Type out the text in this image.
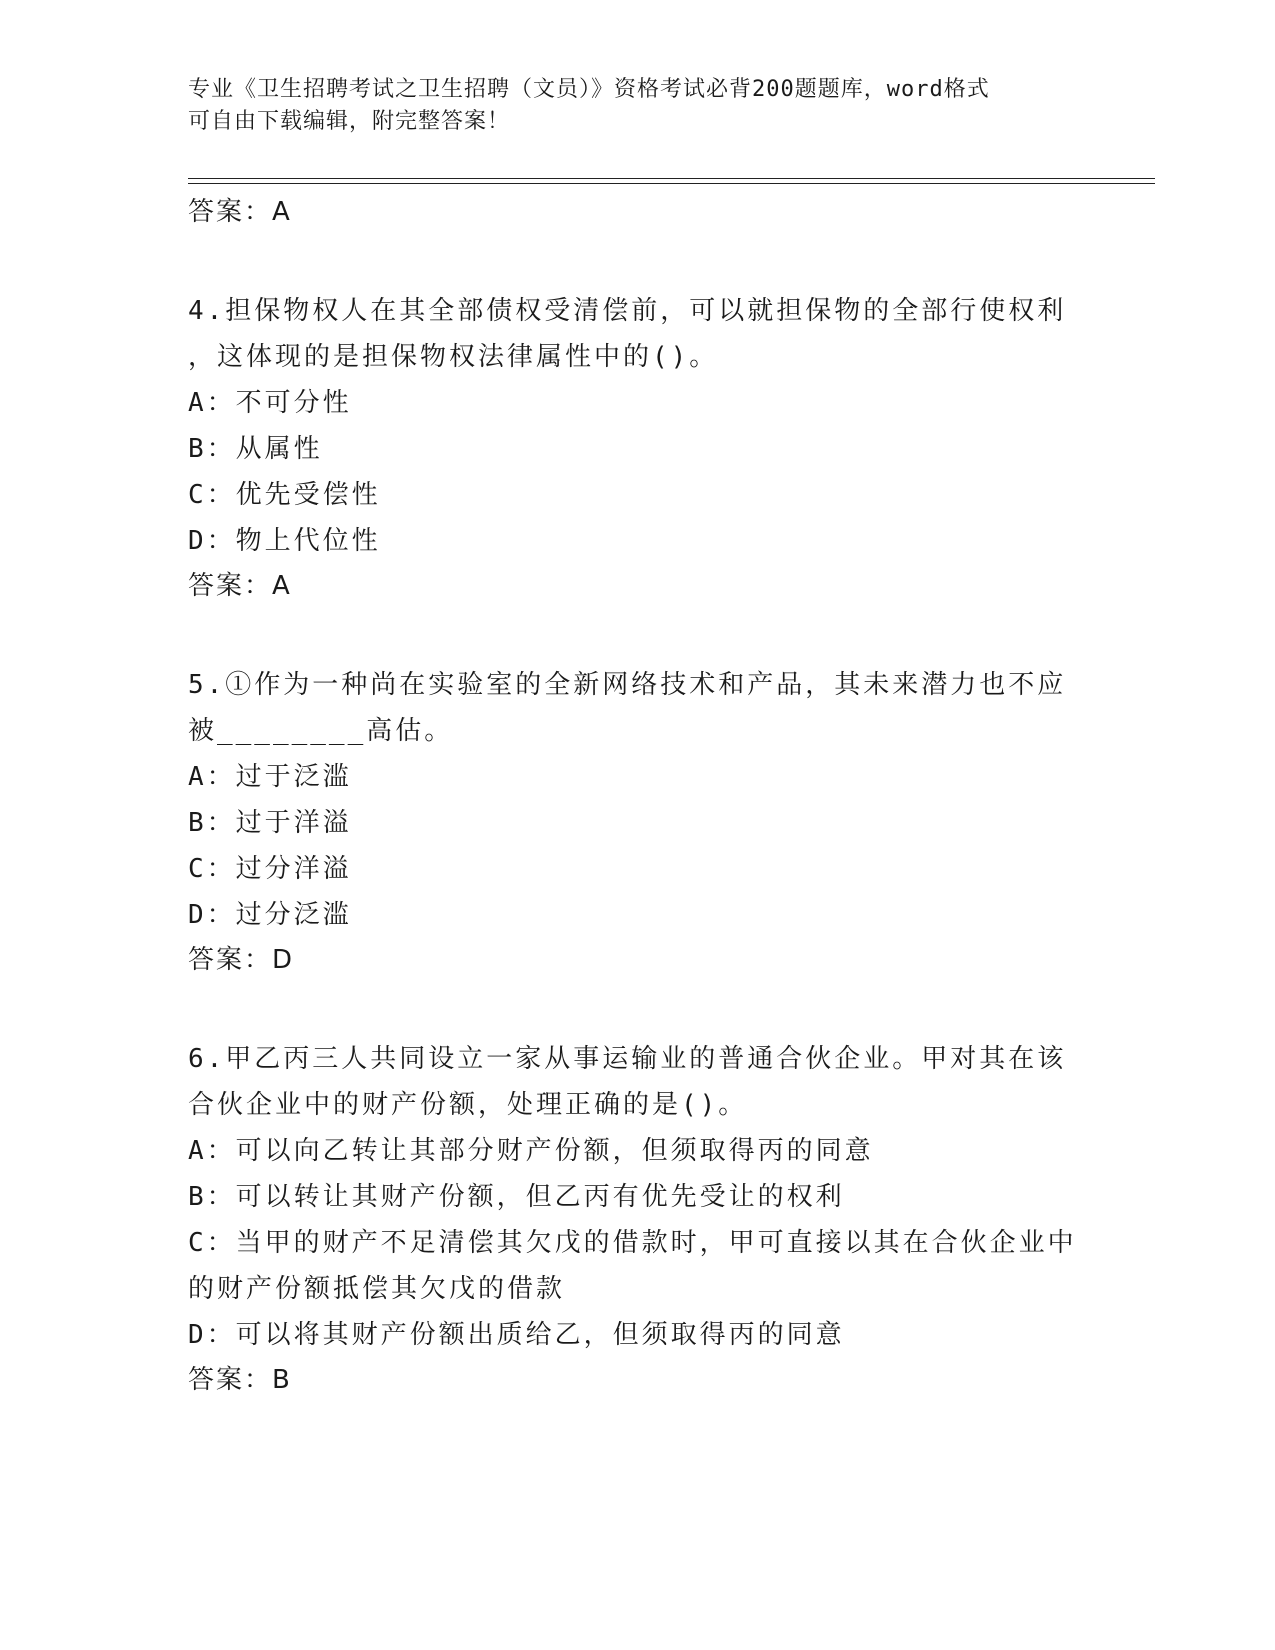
专业《卫生招聘考试之卫生招聘（文员）》资格考试必背200题题库，word格式
可自由下载编辑，附完整答案！
答案：A
4.担保物权人在其全部债权受清偿前，可以就担保物的全部行使权利
，这体现的是担保物权法律属性中的()。
A：不可分性
B：从属性
C：优先受偿性
D：物上代位性
答案：A
5.①作为一种尚在实验室的全新网络技术和产品，其未来潜力也不应
被________高估。
A：过于泛滥
B：过于洋溢
C：过分洋溢
D：过分泛滥
答案：D
6.甲乙丙三人共同设立一家从事运输业的普通合伙企业。甲对其在该
合伙企业中的财产份额，处理正确的是()。
A：可以向乙转让其部分财产份额，但须取得丙的同意
B：可以转让其财产份额，但乙丙有优先受让的权利
C：当甲的财产不足清偿其欠戊的借款时，甲可直接以其在合伙企业中
的财产份额抵偿其欠戊的借款
D：可以将其财产份额出质给乙，但须取得丙的同意
答案：B
